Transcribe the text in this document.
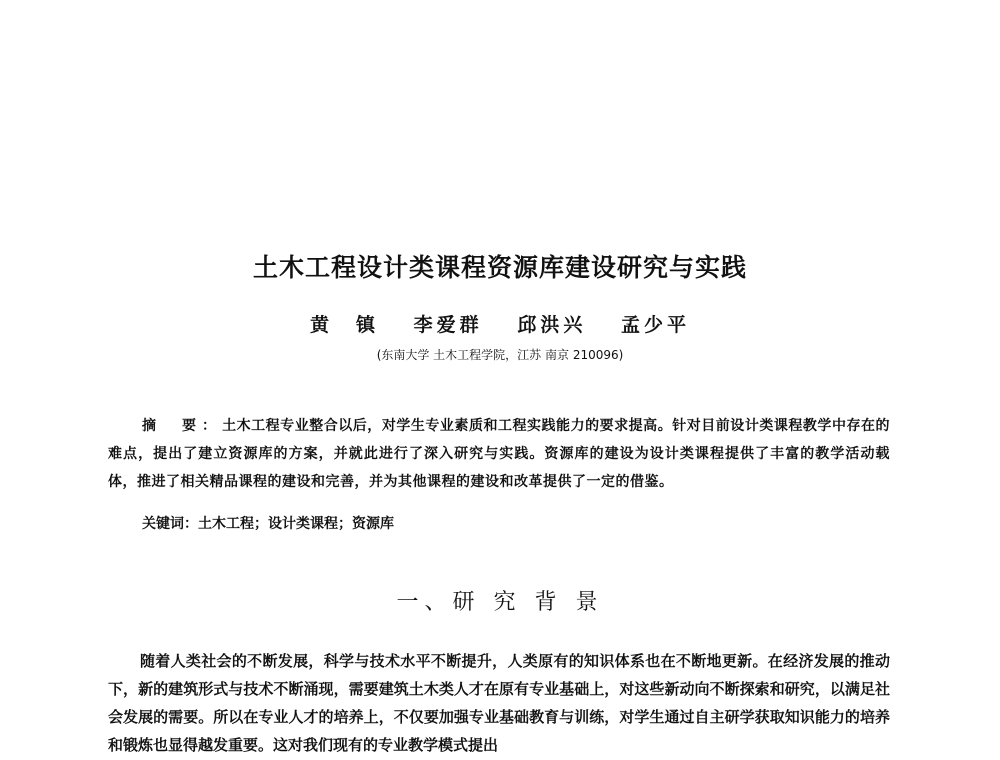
土木工程设计类课程资源库建设研究与实践
黄　镇 李爱群 邱洪兴 孟少平
(东南大学 土木工程学院，江苏 南京 210096)

摘　要：土木工程专业整合以后，对学生专业素质和工程实践能力的要求提高。针对目前设计类课程教学中存在的难点，提出了建立资源库的方案，并就此进行了深入研究与实践。资源库的建设为设计类课程提供了丰富的教学活动载体，推进了相关精品课程的建设和完善，并为其他课程的建设和改革提供了一定的借鉴。

关键词：土木工程；设计类课程；资源库
一、研 究 背 景

随着人类社会的不断发展，科学与技术水平不断提升，人类原有的知识体系也在不断地更新。在经济发展的推动下，新的建筑形式与技术不断涌现，需要建筑土木类人才在原有专业基础上，对这些新动向不断探索和研究，以满足社会发展的需要。所以在专业人才的培养上，不仅要加强专业基础教育与训练，对学生通过自主研学获取知识能力的培养和锻炼也显得越发重要。这对我们现有的专业教学模式提出
